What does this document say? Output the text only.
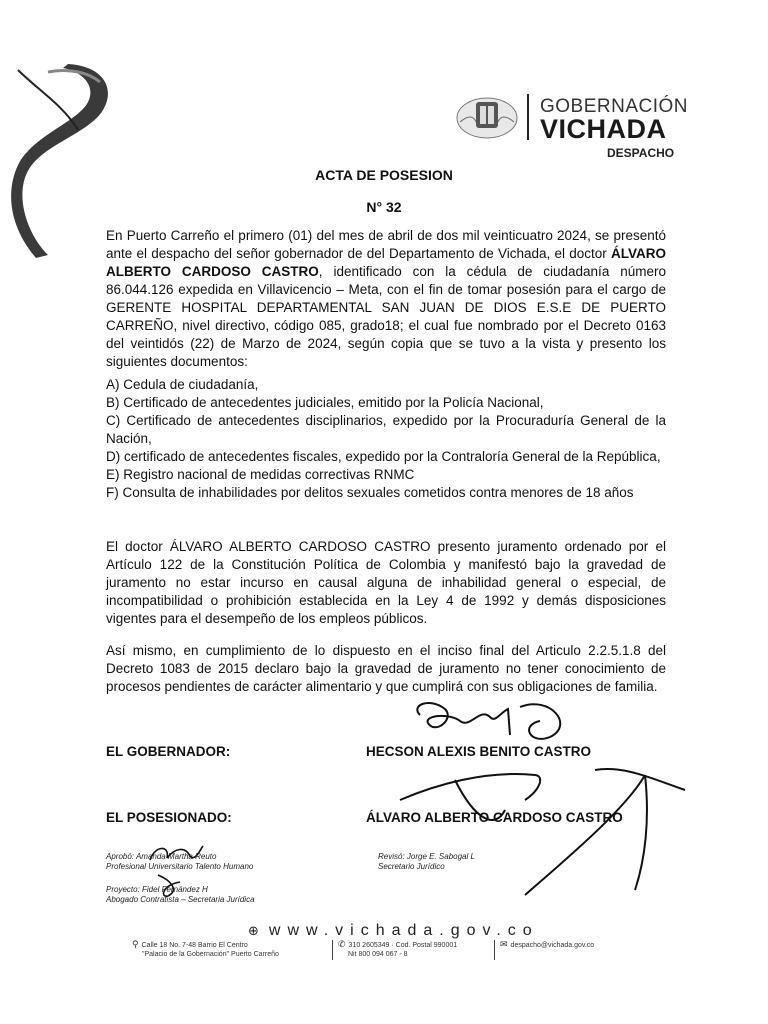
GOBERNACIÓN
VICHADA
DESPACHO
ACTA DE POSESION
N° 32
En Puerto Carreño el primero (01) del mes de abril de dos mil veinticuatro 2024, se presentó ante el despacho del señor gobernador de del Departamento de Vichada, el doctor ÁLVARO ALBERTO CARDOSO CASTRO, identificado con la cédula de ciudadanía número 86.044.126 expedida en Villavicencio – Meta, con el fin de tomar posesión para el cargo de GERENTE HOSPITAL DEPARTAMENTAL SAN JUAN DE DIOS E.S.E DE PUERTO CARREÑO, nivel directivo, código 085, grado18; el cual fue nombrado por el Decreto 0163 del veintidós (22) de Marzo de 2024, según copia que se tuvo a la vista y presento los siguientes documentos:
A) Cedula de ciudadanía,
B) Certificado de antecedentes judiciales, emitido por la Policía Nacional,
C) Certificado de antecedentes disciplinarios, expedido por la Procuraduría General de la Nación,
D) certificado de antecedentes fiscales, expedido por la Contraloría General de la República,
E) Registro nacional de medidas correctivas RNMC
F) Consulta de inhabilidades por delitos sexuales cometidos contra menores de 18 años
El doctor ÁLVARO ALBERTO CARDOSO CASTRO presento juramento ordenado por el Artículo 122 de la Constitución Política de Colombia y manifestó bajo la gravedad de juramento no estar incurso en causal alguna de inhabilidad general o especial, de incompatibilidad o prohibición establecida en la Ley 4 de 1992 y demás disposiciones vigentes para el desempeño de los empleos públicos.
Así mismo, en cumplimiento de lo dispuesto en el inciso final del Articulo 2.2.5.1.8 del Decreto 1083 de 2015 declaro bajo la gravedad de juramento no tener conocimiento de procesos pendientes de carácter alimentario y que cumplirá con sus obligaciones de familia.
EL GOBERNADOR:	HECSON ALEXIS BENITO CASTRO
EL POSESIONADO:	ÁLVARO ALBERTO CARDOSO CASTRO
Aprobó: Amanda Martha Reuto
Profesional Universitario Talento Humano
Proyecto: Fidel Fernández H
Abogado Contratista – Secretaria Jurídica
Revisó: Jorge E. Sabogal L
Secretario Jurídico
⊕ www.vichada.gov.co
⚲ Calle 18 No. 7-48 Barrio El Centro
"Palacio de la Gobernación" Puerto Carreño
✆ 310 2605349 · Cod. Postal 990001
Nit 800 094 067 - 8
✉ despacho@vichada.gov.co
